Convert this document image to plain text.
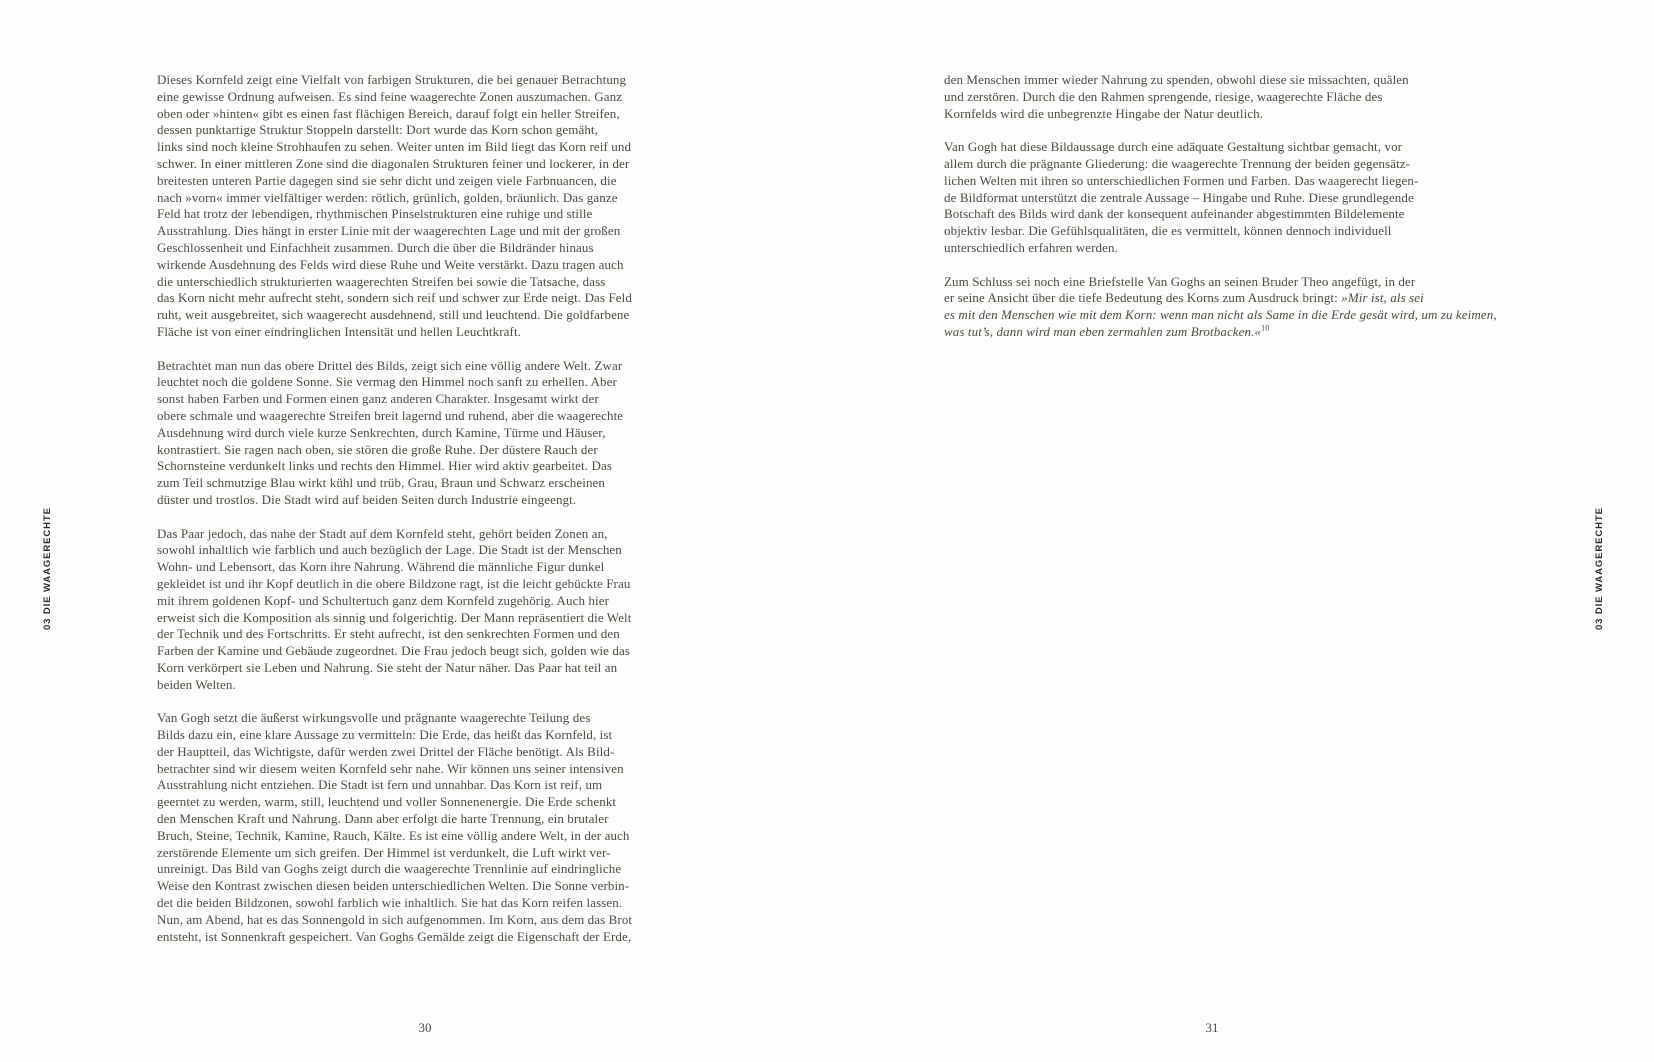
03 DIE WAAGERECHTE

Dieses Kornfeld zeigt eine Vielfalt von farbigen Strukturen, die bei genauer Betrachtung
eine gewisse Ordnung aufweisen. Es sind feine waagerechte Zonen auszumachen. Ganz
oben oder »hinten« gibt es einen fast flächigen Bereich, darauf folgt ein heller Streifen,
dessen punktartige Struktur Stoppeln darstellt: Dort wurde das Korn schon gemäht,
links sind noch kleine Strohhaufen zu sehen. Weiter unten im Bild liegt das Korn reif und
schwer. In einer mittleren Zone sind die diagonalen Strukturen feiner und lockerer, in der
breitesten unteren Partie dagegen sind sie sehr dicht und zeigen viele Farbnuancen, die
nach »vorn« immer vielfältiger werden: rötlich, grünlich, golden, bräunlich. Das ganze
Feld hat trotz der lebendigen, rhythmischen Pinselstrukturen eine ruhige und stille
Ausstrahlung. Dies hängt in erster Linie mit der waagerechten Lage und mit der großen
Geschlossenheit und Einfachheit zusammen. Durch die über die Bildränder hinaus
wirkende Ausdehnung des Felds wird diese Ruhe und Weite verstärkt. Dazu tragen auch
die unterschiedlich strukturierten waagerechten Streifen bei sowie die Tatsache, dass
das Korn nicht mehr aufrecht steht, sondern sich reif und schwer zur Erde neigt. Das Feld
ruht, weit ausgebreitet, sich waagerecht ausdehnend, still und leuchtend. Die goldfarbene
Fläche ist von einer eindringlichen Intensität und hellen Leuchtkraft.

Betrachtet man nun das obere Drittel des Bilds, zeigt sich eine völlig andere Welt. Zwar
leuchtet noch die goldene Sonne. Sie vermag den Himmel noch sanft zu erhellen. Aber
sonst haben Farben und Formen einen ganz anderen Charakter. Insgesamt wirkt der
obere schmale und waagerechte Streifen breit lagernd und ruhend, aber die waagerechte
Ausdehnung wird durch viele kurze Senkrechten, durch Kamine, Türme und Häuser,
kontrastiert. Sie ragen nach oben, sie stören die große Ruhe. Der düstere Rauch der
Schornsteine verdunkelt links und rechts den Himmel. Hier wird aktiv gearbeitet. Das
zum Teil schmutzige Blau wirkt kühl und trüb, Grau, Braun und Schwarz erscheinen
düster und trostlos. Die Stadt wird auf beiden Seiten durch Industrie eingeengt.

Das Paar jedoch, das nahe der Stadt auf dem Kornfeld steht, gehört beiden Zonen an,
sowohl inhaltlich wie farblich und auch bezüglich der Lage. Die Stadt ist der Menschen
Wohn- und Lebensort, das Korn ihre Nahrung. Während die männliche Figur dunkel
gekleidet ist und ihr Kopf deutlich in die obere Bildzone ragt, ist die leicht gebückte Frau
mit ihrem goldenen Kopf- und Schultertuch ganz dem Kornfeld zugehörig. Auch hier
erweist sich die Komposition als sinnig und folgerichtig. Der Mann repräsentiert die Welt
der Technik und des Fortschritts. Er steht aufrecht, ist den senkrechten Formen und den
Farben der Kamine und Gebäude zugeordnet. Die Frau jedoch beugt sich, golden wie das
Korn verkörpert sie Leben und Nahrung. Sie steht der Natur näher. Das Paar hat teil an
beiden Welten.

Van Gogh setzt die äußerst wirkungsvolle und prägnante waagerechte Teilung des
Bilds dazu ein, eine klare Aussage zu vermitteln: Die Erde, das heißt das Kornfeld, ist
der Hauptteil, das Wichtigste, dafür werden zwei Drittel der Fläche benötigt. Als Bild-
betrachter sind wir diesem weiten Kornfeld sehr nahe. Wir können uns seiner intensiven
Ausstrahlung nicht entziehen. Die Stadt ist fern und unnahbar. Das Korn ist reif, um
geerntet zu werden, warm, still, leuchtend und voller Sonnenenergie. Die Erde schenkt
den Menschen Kraft und Nahrung. Dann aber erfolgt die harte Trennung, ein brutaler
Bruch, Steine, Technik, Kamine, Rauch, Kälte. Es ist eine völlig andere Welt, in der auch
zerstörende Elemente um sich greifen. Der Himmel ist verdunkelt, die Luft wirkt ver-
unreinigt. Das Bild van Goghs zeigt durch die waagerechte Trennlinie auf eindringliche
Weise den Kontrast zwischen diesen beiden unterschiedlichen Welten. Die Sonne verbin-
det die beiden Bildzonen, sowohl farblich wie inhaltlich. Sie hat das Korn reifen lassen.
Nun, am Abend, hat es das Sonnengold in sich aufgenommen. Im Korn, aus dem das Brot
entsteht, ist Sonnenkraft gespeichert. Van Goghs Gemälde zeigt die Eigenschaft der Erde,

30

den Menschen immer wieder Nahrung zu spenden, obwohl diese sie missachten, quälen
und zerstören. Durch die den Rahmen sprengende, riesige, waagerechte Fläche des
Kornfelds wird die unbegrenzte Hingabe der Natur deutlich.

Van Gogh hat diese Bildaussage durch eine adäquate Gestaltung sichtbar gemacht, vor
allem durch die prägnante Gliederung: die waagerechte Trennung der beiden gegensätz-
lichen Welten mit ihren so unterschiedlichen Formen und Farben. Das waagerecht liegen-
de Bildformat unterstützt die zentrale Aussage – Hingabe und Ruhe. Diese grundlegende
Botschaft des Bilds wird dank der konsequent aufeinander abgestimmten Bildelemente
objektiv lesbar. Die Gefühlsqualitäten, die es vermittelt, können dennoch individuell
unterschiedlich erfahren werden.

Zum Schluss sei noch eine Briefstelle Van Goghs an seinen Bruder Theo angefügt, in der
er seine Ansicht über die tiefe Bedeutung des Korns zum Ausdruck bringt: »Mir ist, als sei
es mit den Menschen wie mit dem Korn: wenn man nicht als Same in die Erde gesät wird, um zu keimen,
was tut’s, dann wird man eben zermahlen zum Brotbacken.«$^{10}$

31
03 DIE WAAGERECHTE
